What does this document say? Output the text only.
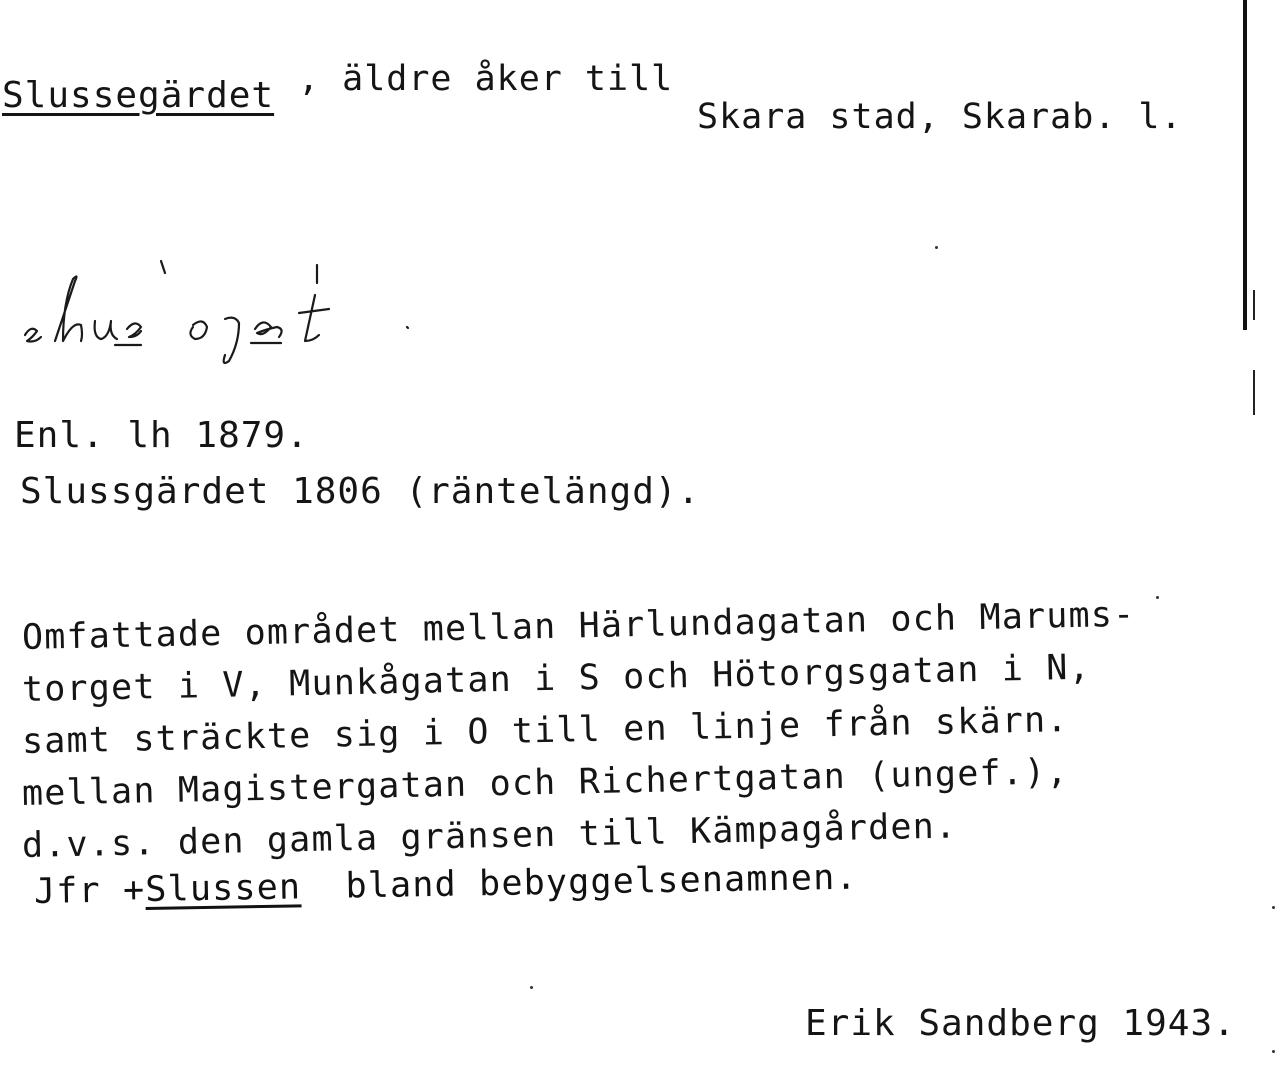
Slussegärdet , äldre åker till
Skara stad, Skarab. l.
Enl. lh 1879.
Slussgärdet 1806 (räntelängd).
Omfattade området mellan Härlundagatan och Marums-
torget i V, Munkågatan i S och Hötorgsgatan i N,
samt sträckte sig i O till en linje från skärn.
mellan Magistergatan och Richertgatan (ungef.),
d.v.s. den gamla gränsen till Kämpagården.
Jfr +Slussen bland bebyggelsenamnen.
Erik Sandberg 1943.
